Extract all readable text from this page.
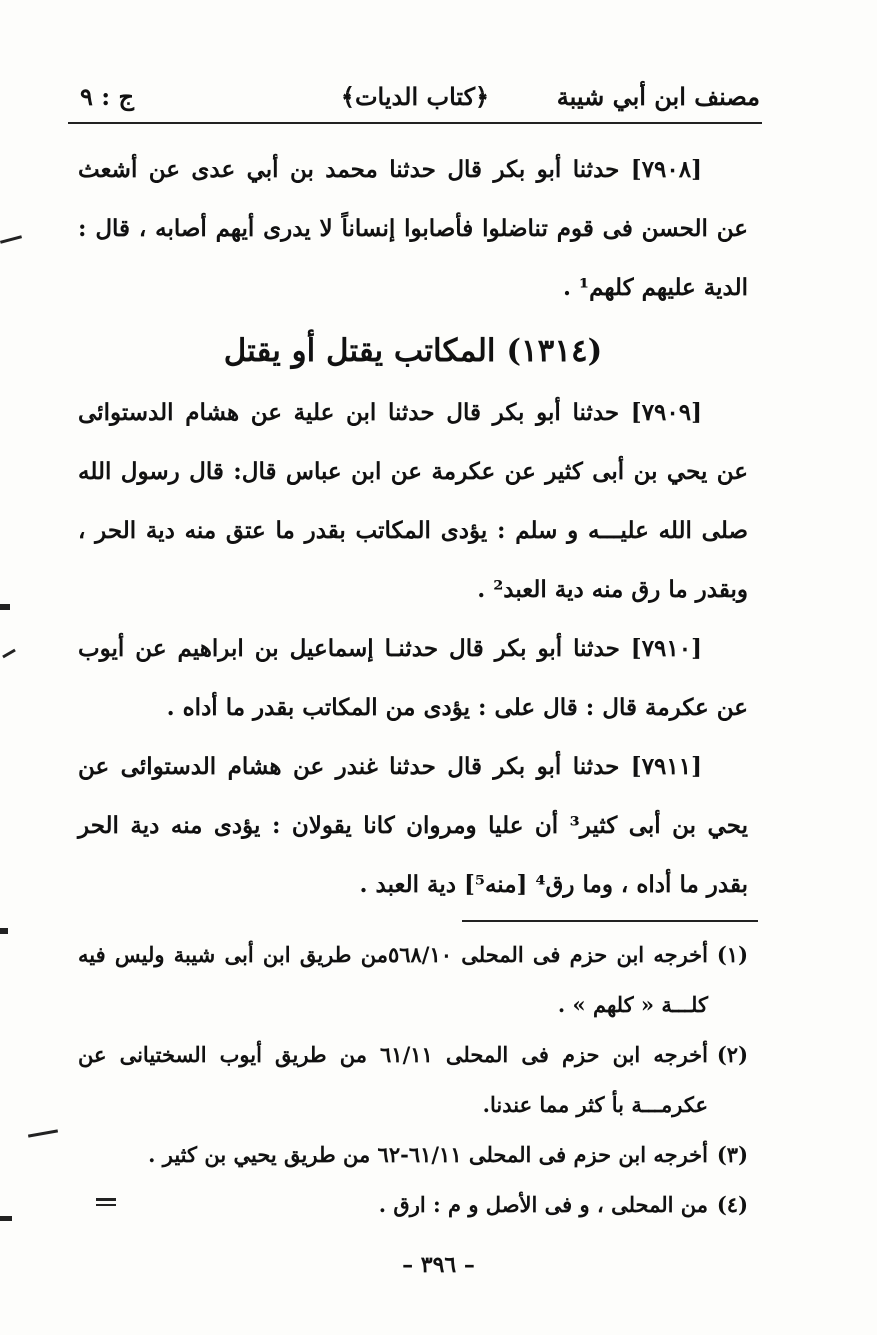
مصنف ابن أبي شيبة
﴿كتاب الديات﴾
ج : ٩

[٧٩٠٨] حدثنا أبو بكر قال حدثنا محمد بن أبي عدى عن أشعث عن الحسن فى قوم تناضلوا فأصابوا إنساناً لا يدرى أيهم أصابه ، قال : الدية عليهم كلهم¹ .

(١٣١٤) المكاتب يقتل أو يقتل

[٧٩٠٩] حدثنا أبو بكر قال حدثنا ابن علية عن هشام الدستوائى عن يحي بن أبى كثير عن عكرمة عن ابن عباس قال: قال رسول الله صلى الله عليـــه و سلم : يؤدى المكاتب بقدر ما عتق منه دية الحر ، وبقدر ما رق منه دية العبد² .

[٧٩١٠] حدثنا أبو بكر قال حدثنـا إسماعيل بن ابراهيم عن أيوب عن عكرمة قال : قال على : يؤدى من المكاتب بقدر ما أداه .

[٧٩١١] حدثنا أبو بكر قال حدثنا غندر عن هشام الدستوائى عن يحي بن أبى كثير³ أن عليا ومروان كانا يقولان : يؤدى منه دية الحر بقدر ما أداه ، وما رق⁴ [منه⁵] دية العبد .

(١)
أخرجه ابن حزم فى المحلى ٥٦٨/١٠من طريق ابن أبى شيبة وليس فيه كلـــة « كلهم » .
(٢)
أخرجه ابن حزم فى المحلى ٦١/١١ من طريق أيوب السختيانى عن عكرمـــة بأ كثر مما عندنا.
(٣)
أخرجه ابن حزم فى المحلى ٦١/١١-٦٢ من طريق يحيي بن كثير .
(٤)
من المحلى ، و فى الأصل و م : ارق .
– ٣٩٦ –
